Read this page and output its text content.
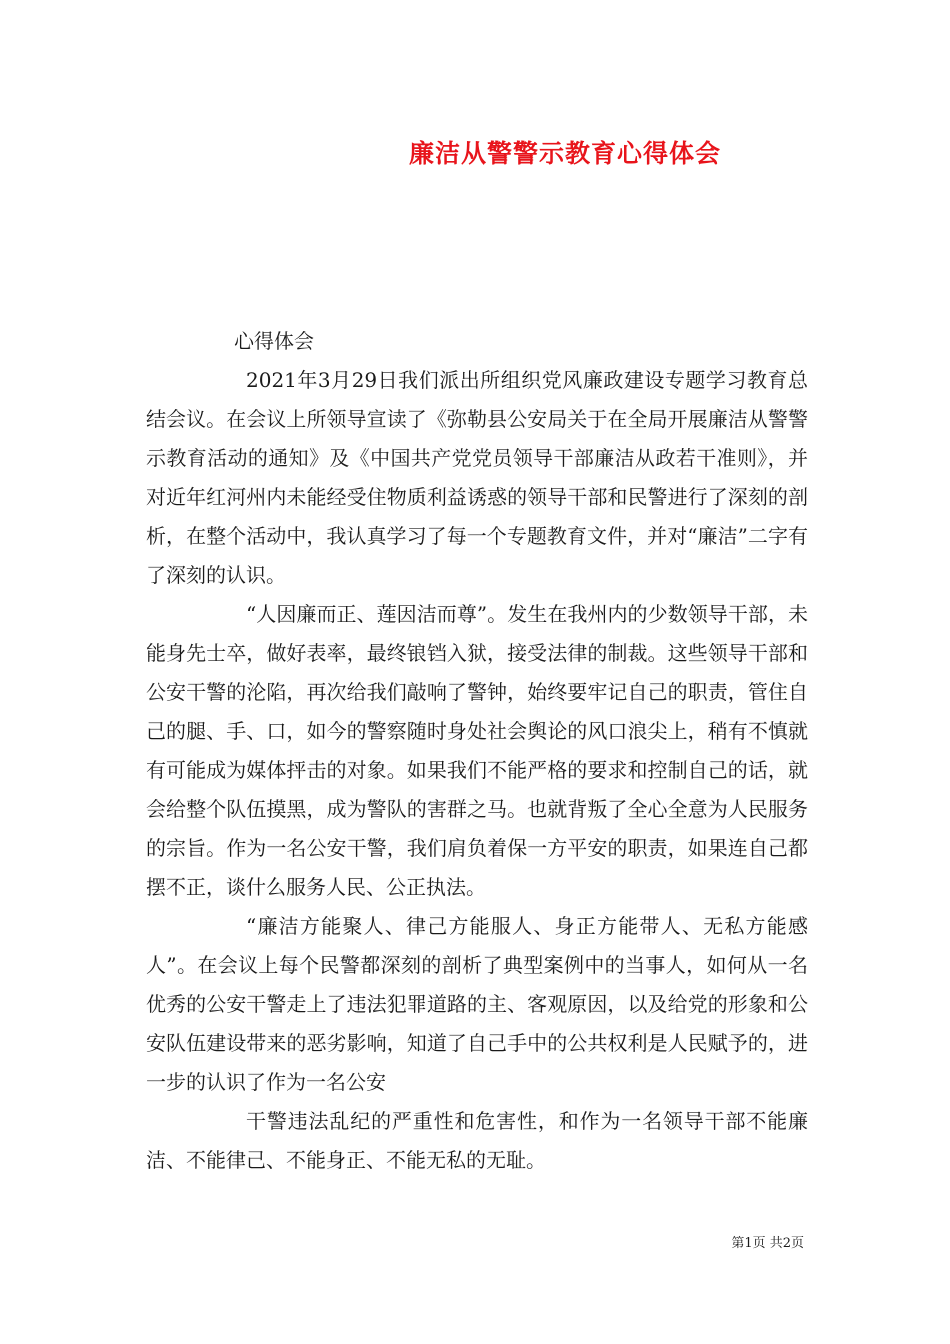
廉洁从警警示教育心得体会

心得体会

2021年3月29日我们派出所组织党风廉政建设专题学习教育总结会议。在会议上所领导宣读了《弥勒县公安局关于在全局开展廉洁从警警示教育活动的通知》及《中国共产党党员领导干部廉洁从政若干准则》，并对近年红河州内未能经受住物质利益诱惑的领导干部和民警进行了深刻的剖析，在整个活动中，我认真学习了每一个专题教育文件，并对“廉洁”二字有了深刻的认识。

“人因廉而正、莲因洁而尊”。发生在我州内的少数领导干部，未能身先士卒，做好表率，最终锒铛入狱，接受法律的制裁。这些领导干部和公安干警的沦陷，再次给我们敲响了警钟，始终要牢记自己的职责，管住自己的腿、手、口，如今的警察随时身处社会舆论的风口浪尖上，稍有不慎就有可能成为媒体抨击的对象。如果我们不能严格的要求和控制自己的话，就会给整个队伍摸黑，成为警队的害群之马。也就背叛了全心全意为人民服务的宗旨。作为一名公安干警，我们肩负着保一方平安的职责，如果连自己都摆不正，谈什么服务人民、公正执法。

“廉洁方能聚人、律己方能服人、身正方能带人、无私方能感人”。在会议上每个民警都深刻的剖析了典型案例中的当事人，如何从一名优秀的公安干警走上了违法犯罪道路的主、客观原因，以及给党的形象和公安队伍建设带来的恶劣影响，知道了自己手中的公共权利是人民赋予的，进一步的认识了作为一名公安

干警违法乱纪的严重性和危害性，和作为一名领导干部不能廉洁、不能律己、不能身正、不能无私的无耻。

第1页 共2页
